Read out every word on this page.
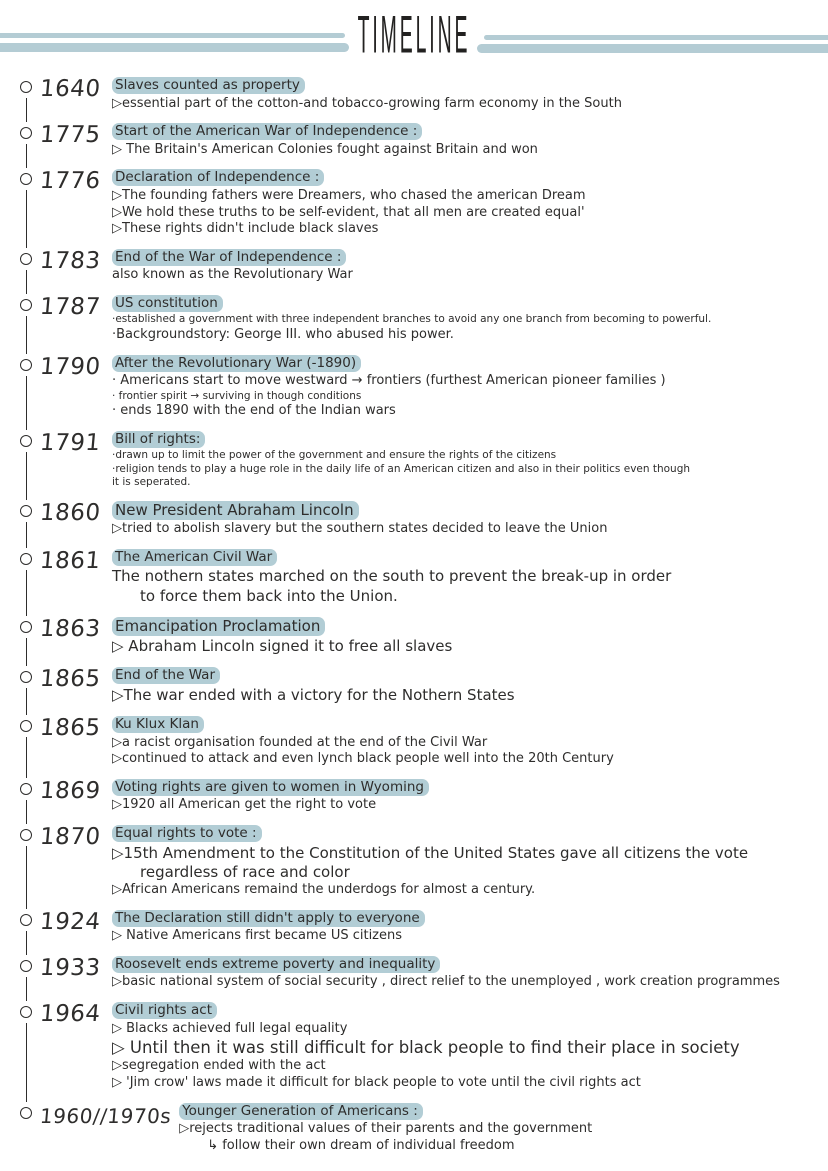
TIMELINE
1640 Slaves counted as property
▷essential part of the cotton-and tobacco-growing farm economy in the South
1775 Start of the American War of Independence :
▷ The Britain's American Colonies fought against Britain and won
1776 Declaration of Independence :
▷The founding fathers were Dreamers, who chased the american Dream
▷We hold these truths to be self-evident, that all men are created equal'
▷These rights didn't include black slaves
1783 End of the War of Independence :
also known as the Revolutionary War
1787 US constitution
·established a government with three independent branches to avoid any one branch from becoming to powerful.
·Backgroundstory: George III. who abused his power.
1790 After the Revolutionary War (-1890)
· Americans start to move westward → frontiers (furthest American pioneer families )
· frontier spirit → surviving in though conditions
· ends 1890 with the end of the Indian wars
1791 Bill of rights:
·drawn up to limit the power of the government and ensure the rights of the citizens
·religion tends to play a huge role in the daily life of an American citizen and also in their politics even though
it is seperated.
1860 New President Abraham Lincoln
▷tried to abolish slavery but the southern states decided to leave the Union
1861 The American Civil War
The nothern states marched on the south to prevent the break-up in order
to force them back into the Union.
1863 Emancipation Proclamation
▷ Abraham Lincoln signed it to free all slaves
1865 End of the War
▷The war ended with a victory for the Nothern States
1865 Ku Klux Klan
▷a racist organisation founded at the end of the Civil War
▷continued to attack and even lynch black people well into the 20th Century
1869 Voting rights are given to women in Wyoming
▷1920 all American get the right to vote
1870 Equal rights to vote :
▷15th Amendment to the Constitution of the United States gave all citizens the vote
regardless of race and color
▷African Americans remaind the underdogs for almost a century.
1924 The Declaration still didn't apply to everyone
▷ Native Americans first became US citizens
1933 Roosevelt ends extreme poverty and inequality
▷basic national system of social security , direct relief to the unemployed , work creation programmes
1964 Civil rights act
▷ Blacks achieved full legal equality
▷ Until then it was still difficult for black people to find their place in society
▷segregation ended with the act
▷ 'Jim crow' laws made it difficult for black people to vote until the civil rights act
1960//1970s Younger Generation of Americans :
▷rejects traditional values of their parents and the government
↳ follow their own dream of individual freedom
